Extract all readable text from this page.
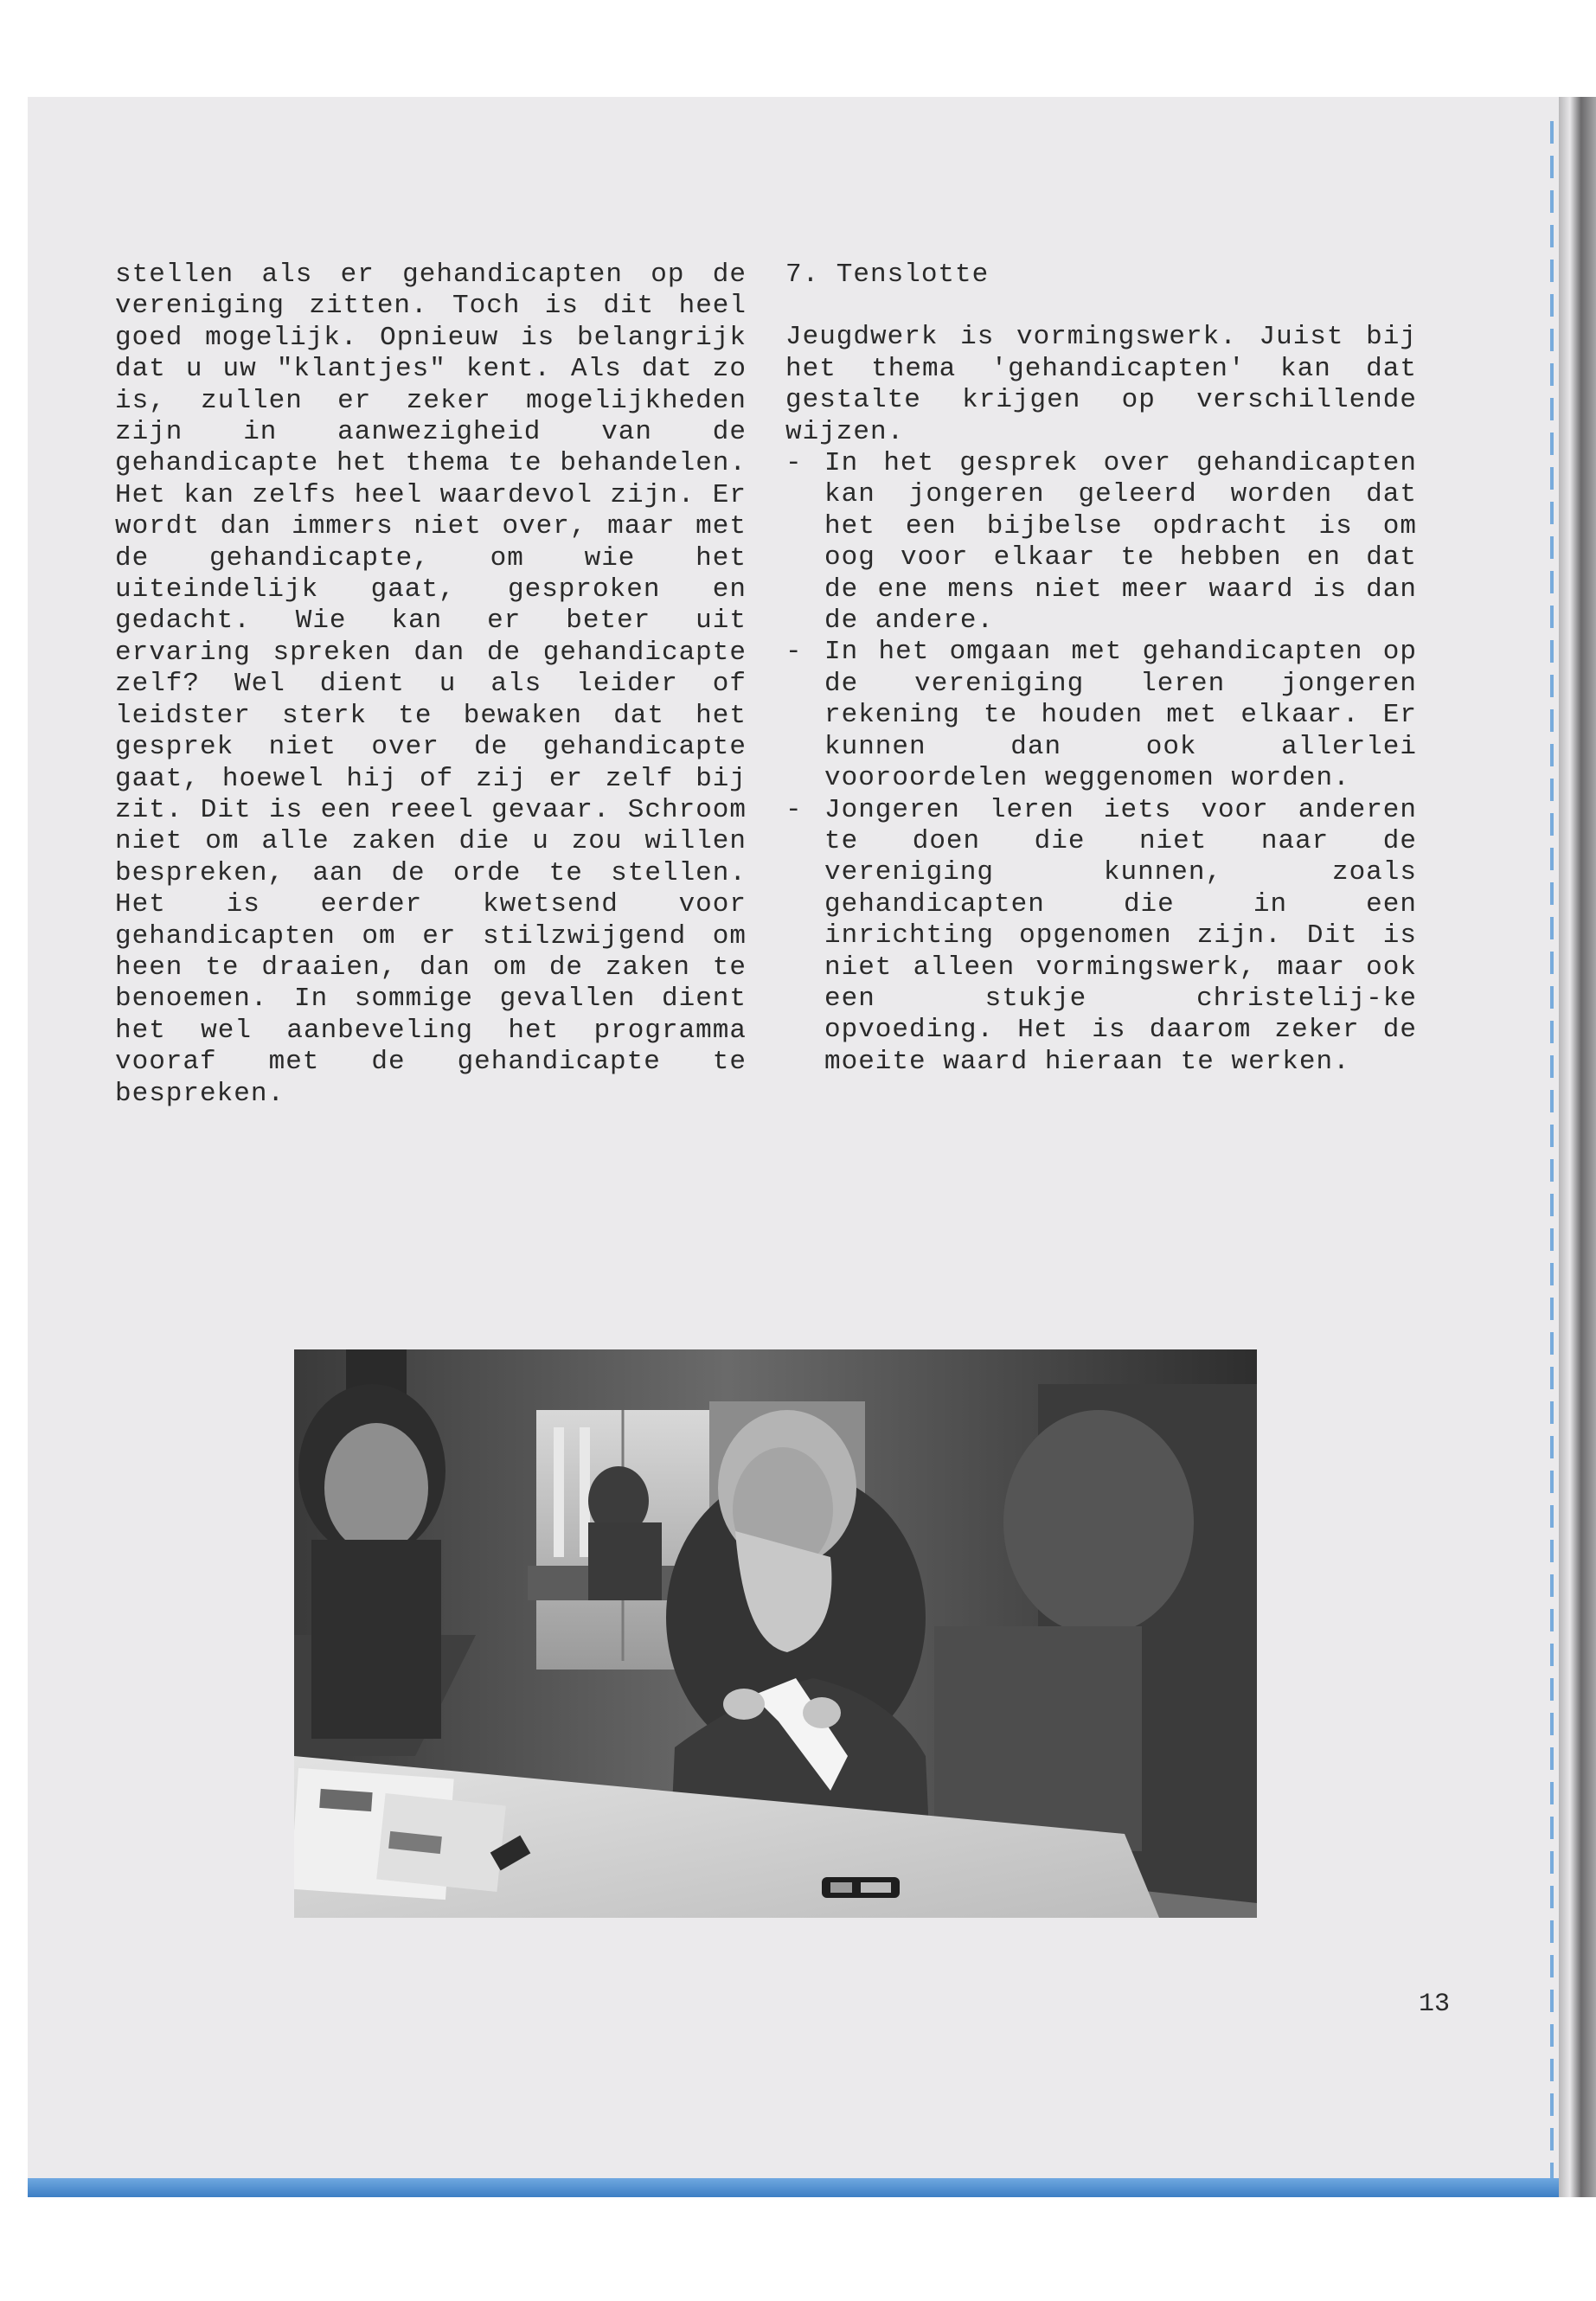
stellen als er gehandicapten op de vereniging zitten. Toch is dit heel goed mogelijk. Opnieuw is belangrijk dat u uw "klantjes" kent. Als dat zo is, zullen er zeker mogelijkheden zijn in aanwezigheid van de gehandicapte het thema te behandelen. Het kan zelfs heel waardevol zijn. Er wordt dan immers niet over, maar met de gehandicapte, om wie het uiteindelijk gaat, gesproken en gedacht. Wie kan er beter uit ervaring spreken dan de gehandicapte zelf? Wel dient u als leider of leidster sterk te bewaken dat het gesprek niet over de gehandicapte gaat, hoewel hij of zij er zelf bij zit. Dit is een reeel gevaar. Schroom niet om alle zaken die u zou willen bespreken, aan de orde te stellen. Het is eerder kwetsend voor gehandicapten om er stilzwijgend om heen te draaien, dan om de zaken te benoemen. In sommige gevallen dient het wel aanbeveling het programma vooraf met de gehandicapte te bespreken.

7. Tenslotte

Jeugdwerk is vormingswerk. Juist bij het thema 'gehandicapten' kan dat gestalte krijgen op verschillende wijzen.

- In het gesprek over gehandicapten kan jongeren geleerd worden dat het een bijbelse opdracht is om oog voor elkaar te hebben en dat de ene mens niet meer waard is dan de andere.
- In het omgaan met gehandicapten op de vereniging leren jongeren rekening te houden met elkaar. Er kunnen dan ook allerlei vooroordelen weggenomen worden.
- Jongeren leren iets voor anderen te doen die niet naar de vereniging kunnen, zoals gehandicapten die in een inrichting opgenomen zijn. Dit is niet alleen vormingswerk, maar ook een stukje christelij-ke opvoeding. Het is daarom zeker de moeite waard hieraan te werken.
13
